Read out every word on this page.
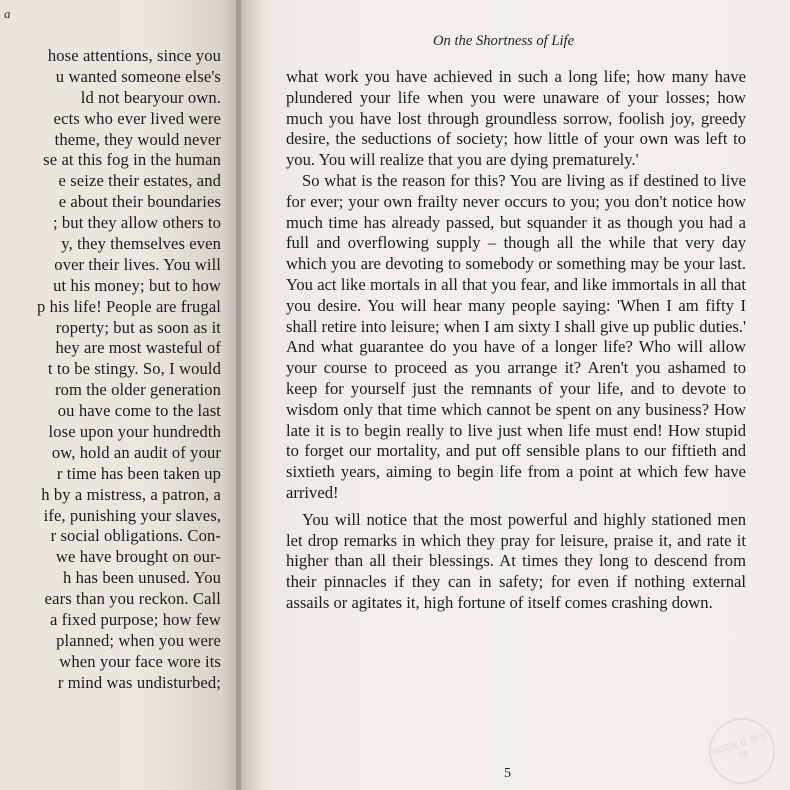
a
hose attentions, since you
u wanted someone else's
ld not bearyour own.
ects who ever lived were
theme, they would never
se at this fog in the human
e seize their estates, and
e about their boundaries
; but they allow others to
y, they themselves even
over their lives. You will
ut his money; but to how
p his life! People are frugal
roperty; but as soon as it
hey are most wasteful of
t to be stingy. So, I would
rom the older generation
ou have come to the last
lose upon your hundredth
ow, hold an audit of your
r time has been taken up
h by a mistress, a patron, a
ife, punishing your slaves,
r social obligations. Con-
we have brought on our-
h has been unused. You
ears than you reckon. Call
a fixed purpose; how few
planned; when you were
when your face wore its
r mind was undisturbed;
On the Shortness of Life

what work you have achieved in such a long life; how many have plundered your life when you were unaware of your losses; how much you have lost through groundless sorrow, foolish joy, greedy desire, the seductions of society; how little of your own was left to you. You will realize that you are dying prematurely.'

So what is the reason for this? You are living as if destined to live for ever; your own frailty never occurs to you; you don't notice how much time has already passed, but squander it as though you had a full and overflowing supply – though all the while that very day which you are devoting to somebody or something may be your last. You act like mortals in all that you fear, and like immortals in all that you desire. You will hear many people saying: 'When I am fifty I shall retire into leisure; when I am sixty I shall give up public duties.' And what guarantee do you have of a longer life? Who will allow your course to proceed as you arrange it? Aren't you ashamed to keep for yourself just the remnants of your life, and to devote to wisdom only that time which cannot be spent on any business? How late it is to begin really to live just when life must end! How stupid to forget our mortality, and put off sensible plans to our fiftieth and sixtieth years, aiming to begin life from a point at which few have arrived!

You will notice that the most powerful and highly stationed men let drop remarks in which they pray for leisure, praise it, and rate it higher than all their blessings. At times they long to descend from their pinnacles if they can in safety; for even if nothing external assails or agitates it, high fortune of itself comes crashing down.

5
中国图书 图书网
